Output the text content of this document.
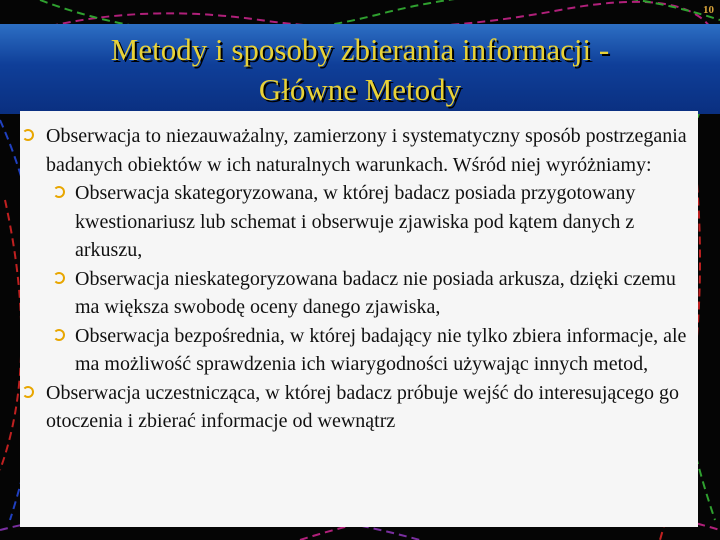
10
Metody i sposoby zbierania informacji -
Główne Metody
Obserwacja to niezauważalny, zamierzony i systematyczny sposób postrzegania badanych obiektów w ich naturalnych warunkach. Wśród niej wyróżniamy:
Obserwacja skategoryzowana, w której badacz posiada przygotowany kwestionariusz lub schemat i obserwuje zjawiska pod kątem danych z arkuszu,
Obserwacja nieskategoryzowana badacz nie posiada arkusza, dzięki czemu ma większa swobodę oceny danego zjawiska,
Obserwacja bezpośrednia, w której badający nie tylko zbiera informacje, ale ma możliwość sprawdzenia ich wiarygodności używając innych metod,
Obserwacja uczestnicząca, w której badacz próbuje wejść do interesującego go otoczenia i zbierać informacje od wewnątrz
